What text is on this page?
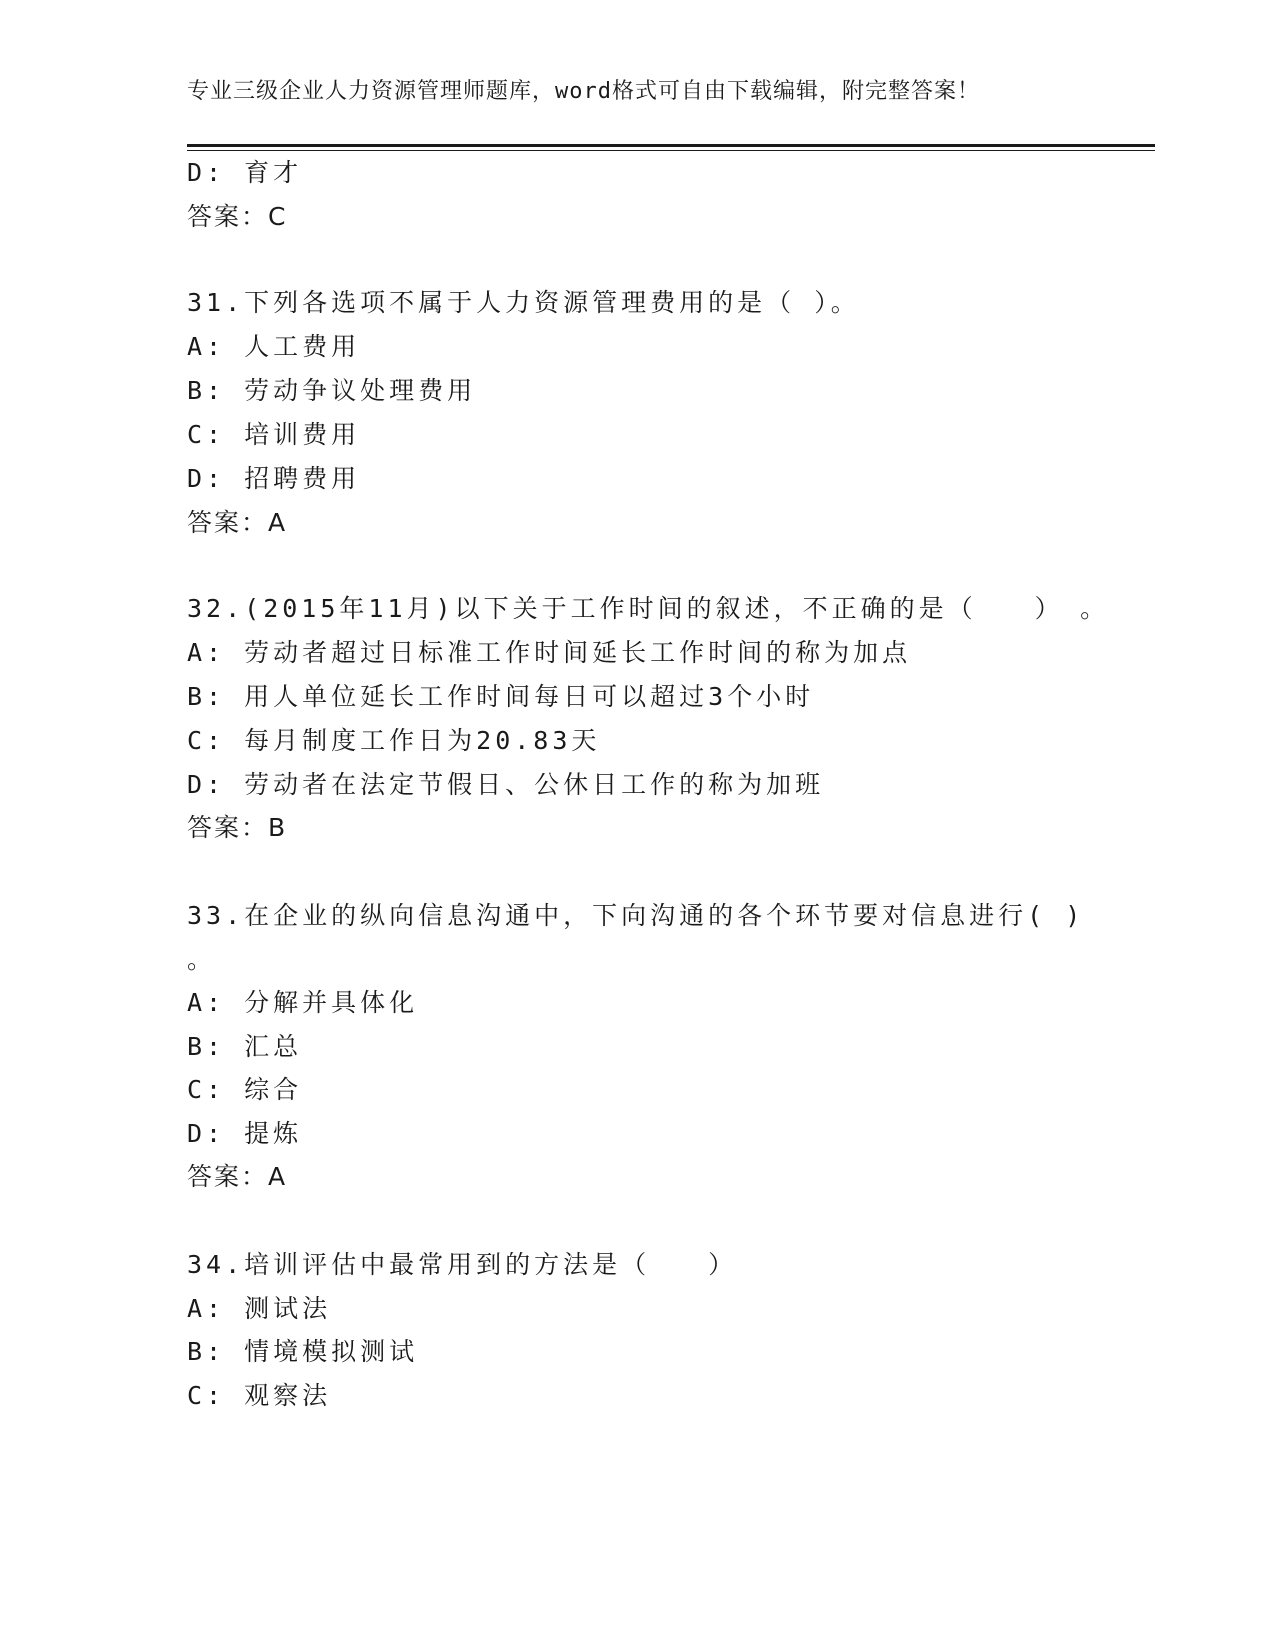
专业三级企业人力资源管理师题库，word格式可自由下载编辑，附完整答案！
D: 育才
答案：C
31.下列各选项不属于人力资源管理费用的是（ ）。
A: 人工费用
B: 劳动争议处理费用
C: 培训费用
D: 招聘费用
答案：A
32.(2015年11月)以下关于工作时间的叙述，不正确的是（　　）　。
A: 劳动者超过日标准工作时间延长工作时间的称为加点
B: 用人单位延长工作时间每日可以超过3个小时
C: 每月制度工作日为20.83天
D: 劳动者在法定节假日、公休日工作的称为加班
答案：B
33.在企业的纵向信息沟通中，下向沟通的各个环节要对信息进行( )
。
A: 分解并具体化
B: 汇总
C: 综合
D: 提炼
答案：A
34.培训评估中最常用到的方法是（　　）
A: 测试法
B: 情境模拟测试
C: 观察法
